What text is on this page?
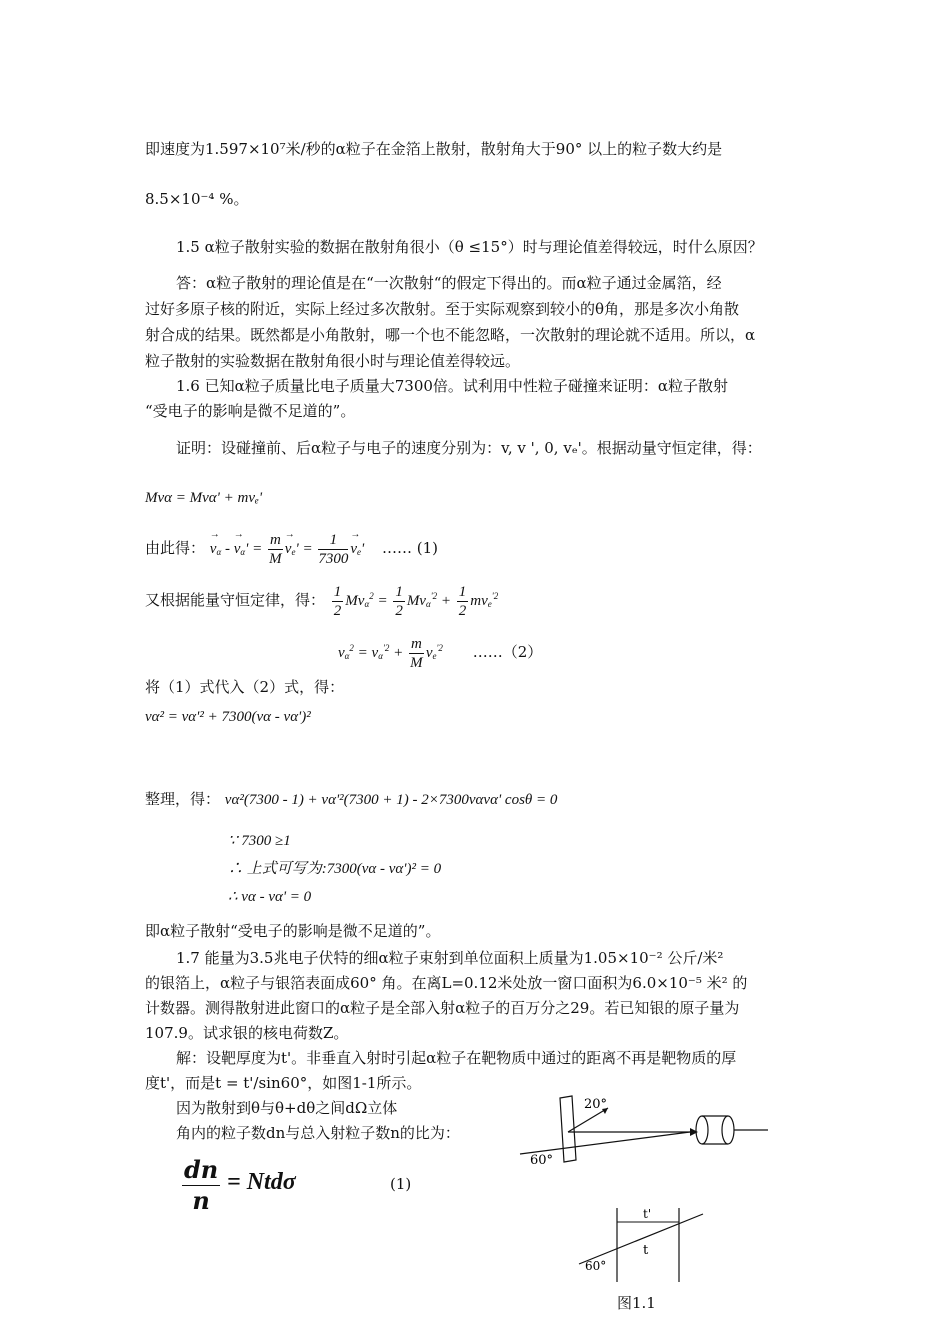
即速度为1.597×10⁷米/秒的α粒子在金箔上散射，散射角大于90° 以上的粒子数大约是
8.5×10⁻⁴ %。
1.5 α粒子散射实验的数据在散射角很小（θ ≤15°）时与理论值差得较远，时什么原因？
答：α粒子散射的理论值是在“一次散射“的假定下得出的。而α粒子通过金属箔，经
过好多原子核的附近，实际上经过多次散射。至于实际观察到较小的θ角，那是多次小角散
射合成的结果。既然都是小角散射，哪一个也不能忽略，一次散射的理论就不适用。所以，α
粒子散射的实验数据在散射角很小时与理论值差得较远。
1.6 已知α粒子质量比电子质量大7300倍。试利用中性粒子碰撞来证明：α粒子散射
“受电子的影响是微不足道的”。
证明：设碰撞前、后α粒子与电子的速度分别为：v, v ', 0, vₑ'。根据动量守恒定律，得：
Mvα = Mvα' + mvₑ'
由此得： → $v_\alpha$ - → $v_\alpha' = \frac{m}{M}$
→ $v_e' = \frac{1}{7300}$
→ $v_e'$ …… (1)
又根据能量守恒定律，得： $\frac{1}{2} Mv_\alpha^2 = \frac{1}{2} Mv_\alpha^{'2} + \frac{1}{2} mv_e^{'2}$
$v_\alpha^2 = v_\alpha^{'2} + \frac{m}{M} v_e^{'2}$ ……（2）
将（1）式代入（2）式，得：
vα² = vα'² + 7300(vα - vα')²
整理，得： vα²(7300 - 1) + vα'²(7300 + 1) - 2×7300vαvα' cosθ = 0
∵ 7300 ≥1
∴ 上式可写为:7300(vα - vα')² = 0
∴ vα - vα' = 0
即α粒子散射“受电子的影响是微不足道的”。
1.7 能量为3.5兆电子伏特的细α粒子束射到单位面积上质量为1.05×10⁻² 公斤/米²
的银箔上，α粒子与银箔表面成60° 角。在离L=0.12米处放一窗口面积为6.0×10⁻⁵ 米² 的
计数器。测得散射进此窗口的α粒子是全部入射α粒子的百万分之29。若已知银的原子量为
107.9。试求银的核电荷数Z。
解：设靶厚度为t'。非垂直入射时引起α粒子在靶物质中通过的距离不再是靶物质的厚
度t'，而是t = t'/sin60°，如图1-1所示。
因为散射到θ与θ+dθ之间dΩ立体
角内的粒子数dn与总入射粒子数n的比为：
$\frac{dn}{n} = Ntd\sigma$	(1)
20°
60°
t'
t
60°
图1.1
